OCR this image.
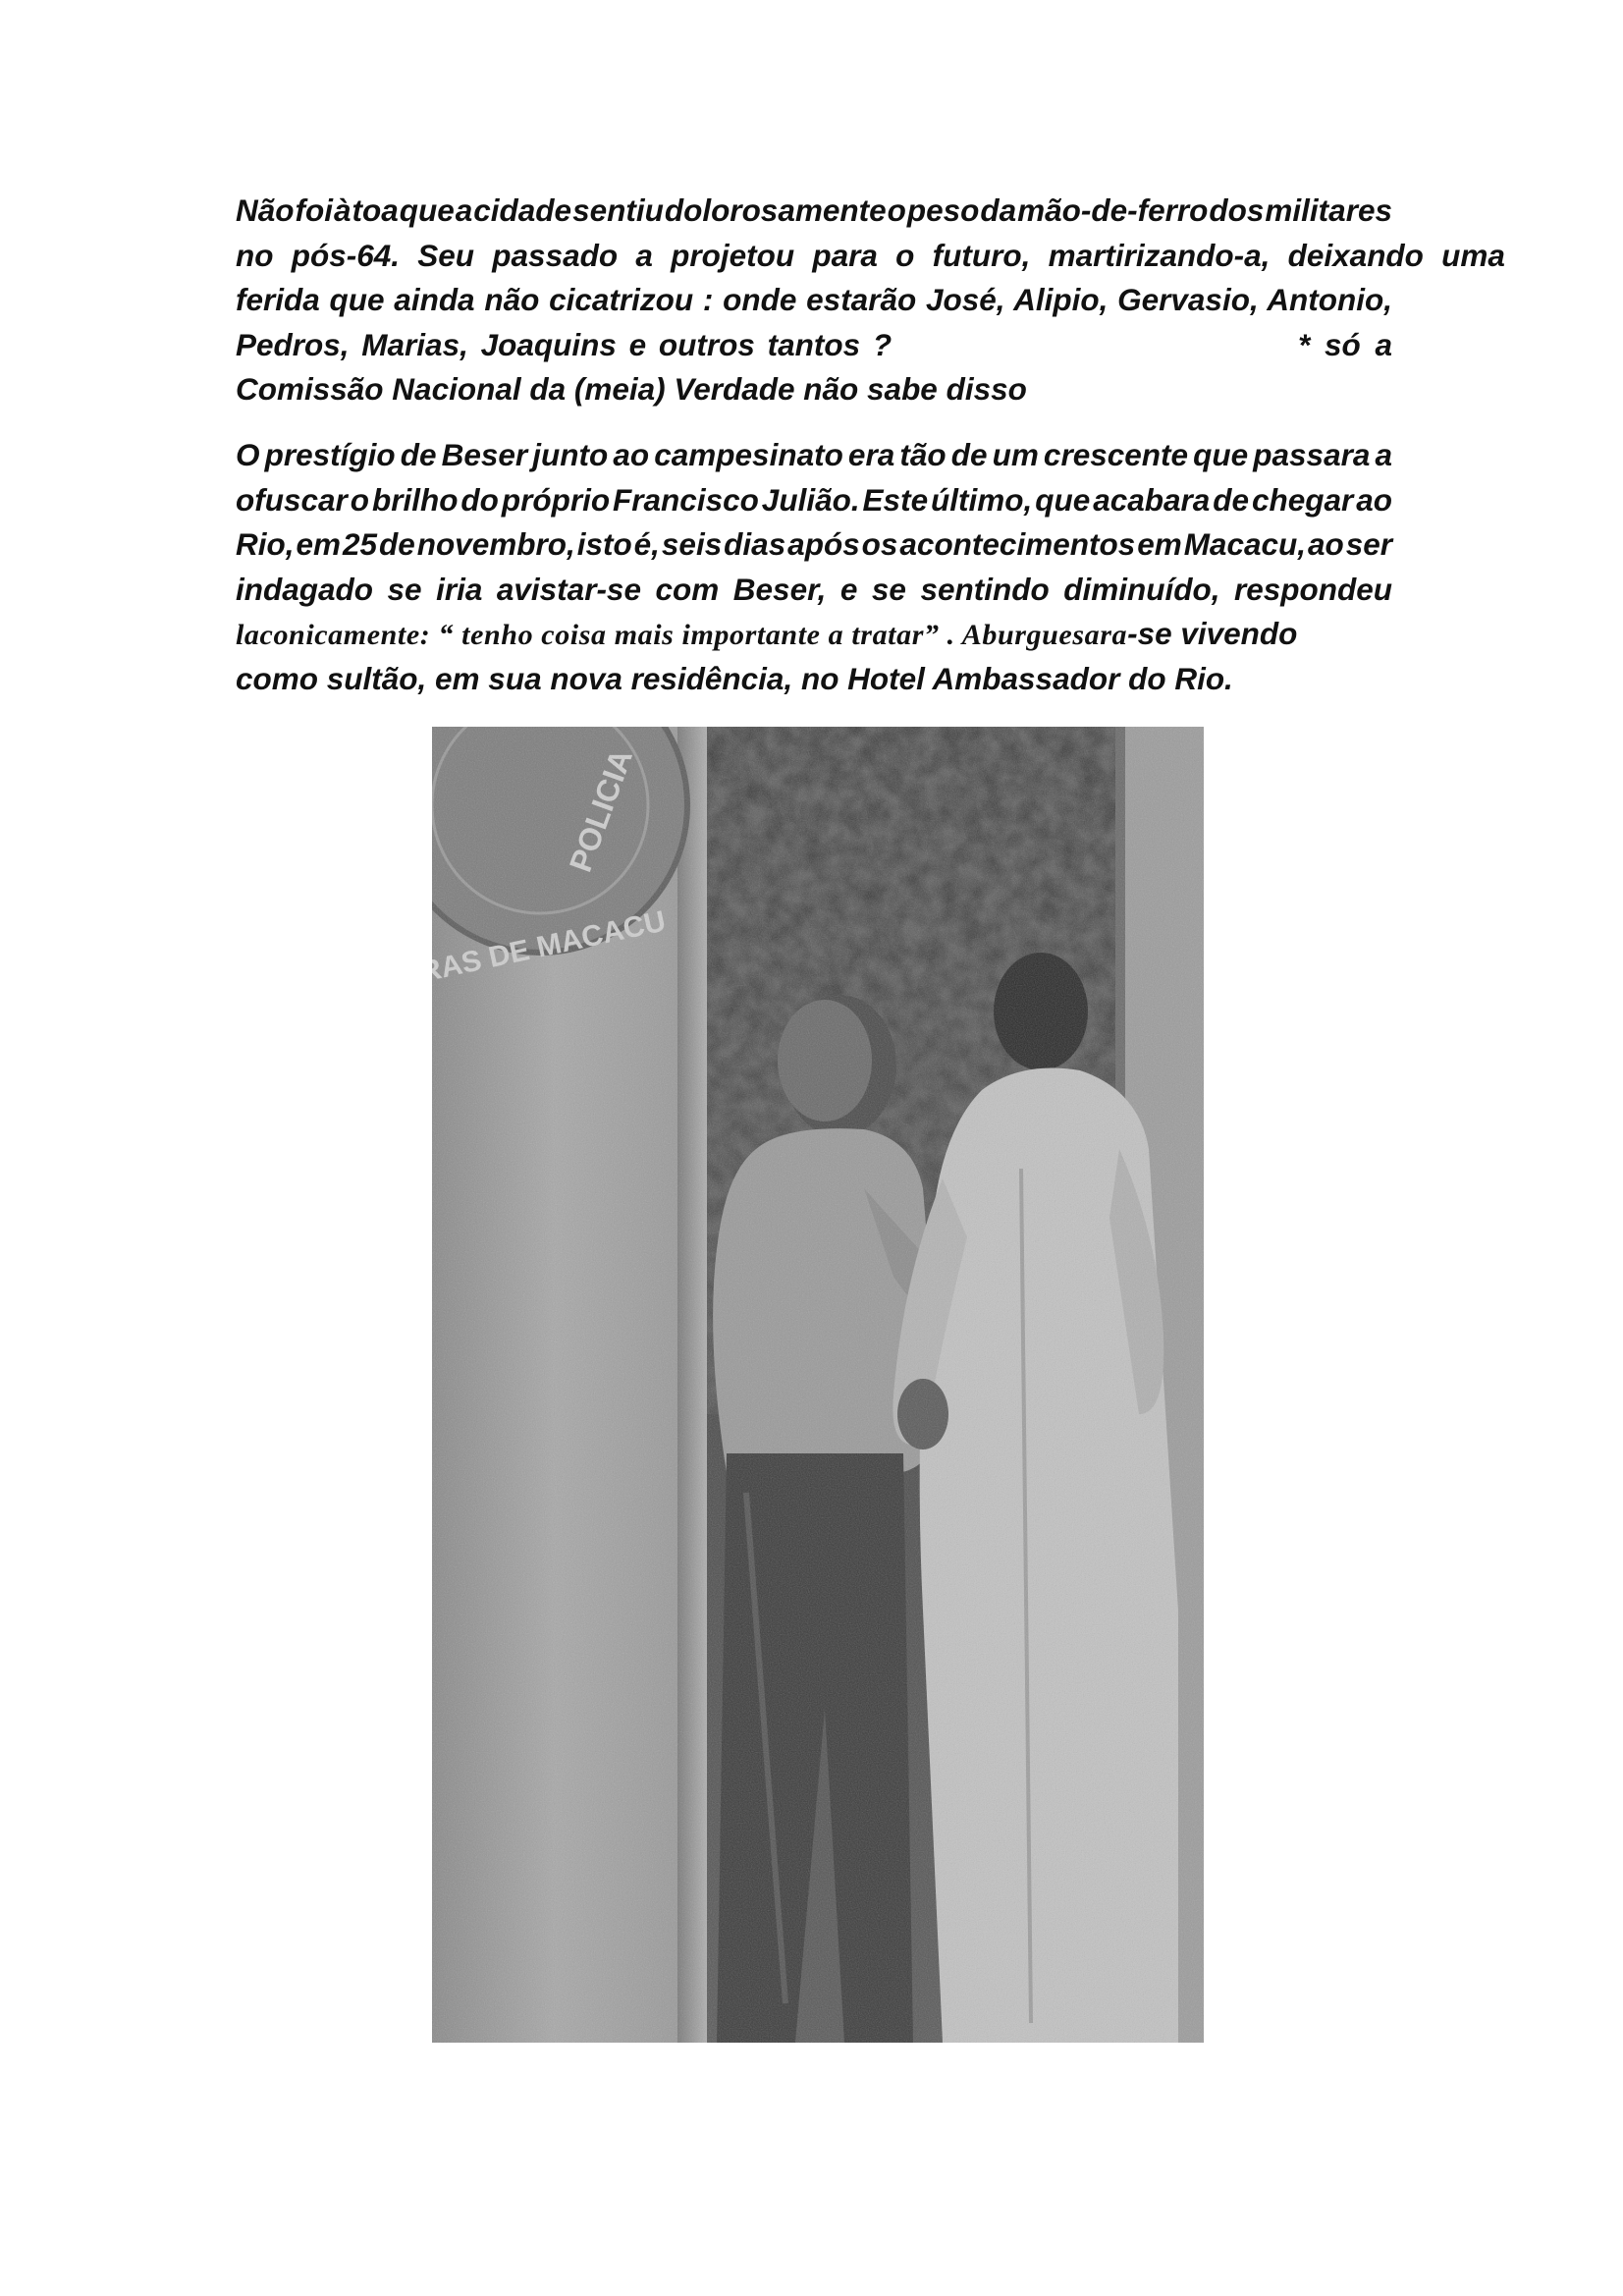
Não foi à toa que a cidade sentiu dolorosamente o peso da mão-de-ferro dos militares
no pós-64. Seu passado a projetou para o futuro, martirizando-a, deixando uma
ferida que ainda não cicatrizou : onde estarão José, Alipio, Gervasio, Antonio,
Pedros, Marias, Joaquins e outros tantos ?	* só a
Comissão Nacional da (meia) Verdade não sabe disso
O prestígio de Beser junto ao campesinato era tão de um crescente que passara a
ofuscar o brilho do próprio Francisco Julião. Este último, que acabara de chegar ao
Rio, em 25 de novembro, isto é, seis dias após os acontecimentos em Macacu, ao ser
indagado se iria avistar-se com Beser, e se sentindo diminuído, respondeu
laconicamente: “ tenho coisa mais importante a tratar” . Aburguesara-se vivendo
como sultão, em sua nova residência, no Hotel Ambassador do Rio.
